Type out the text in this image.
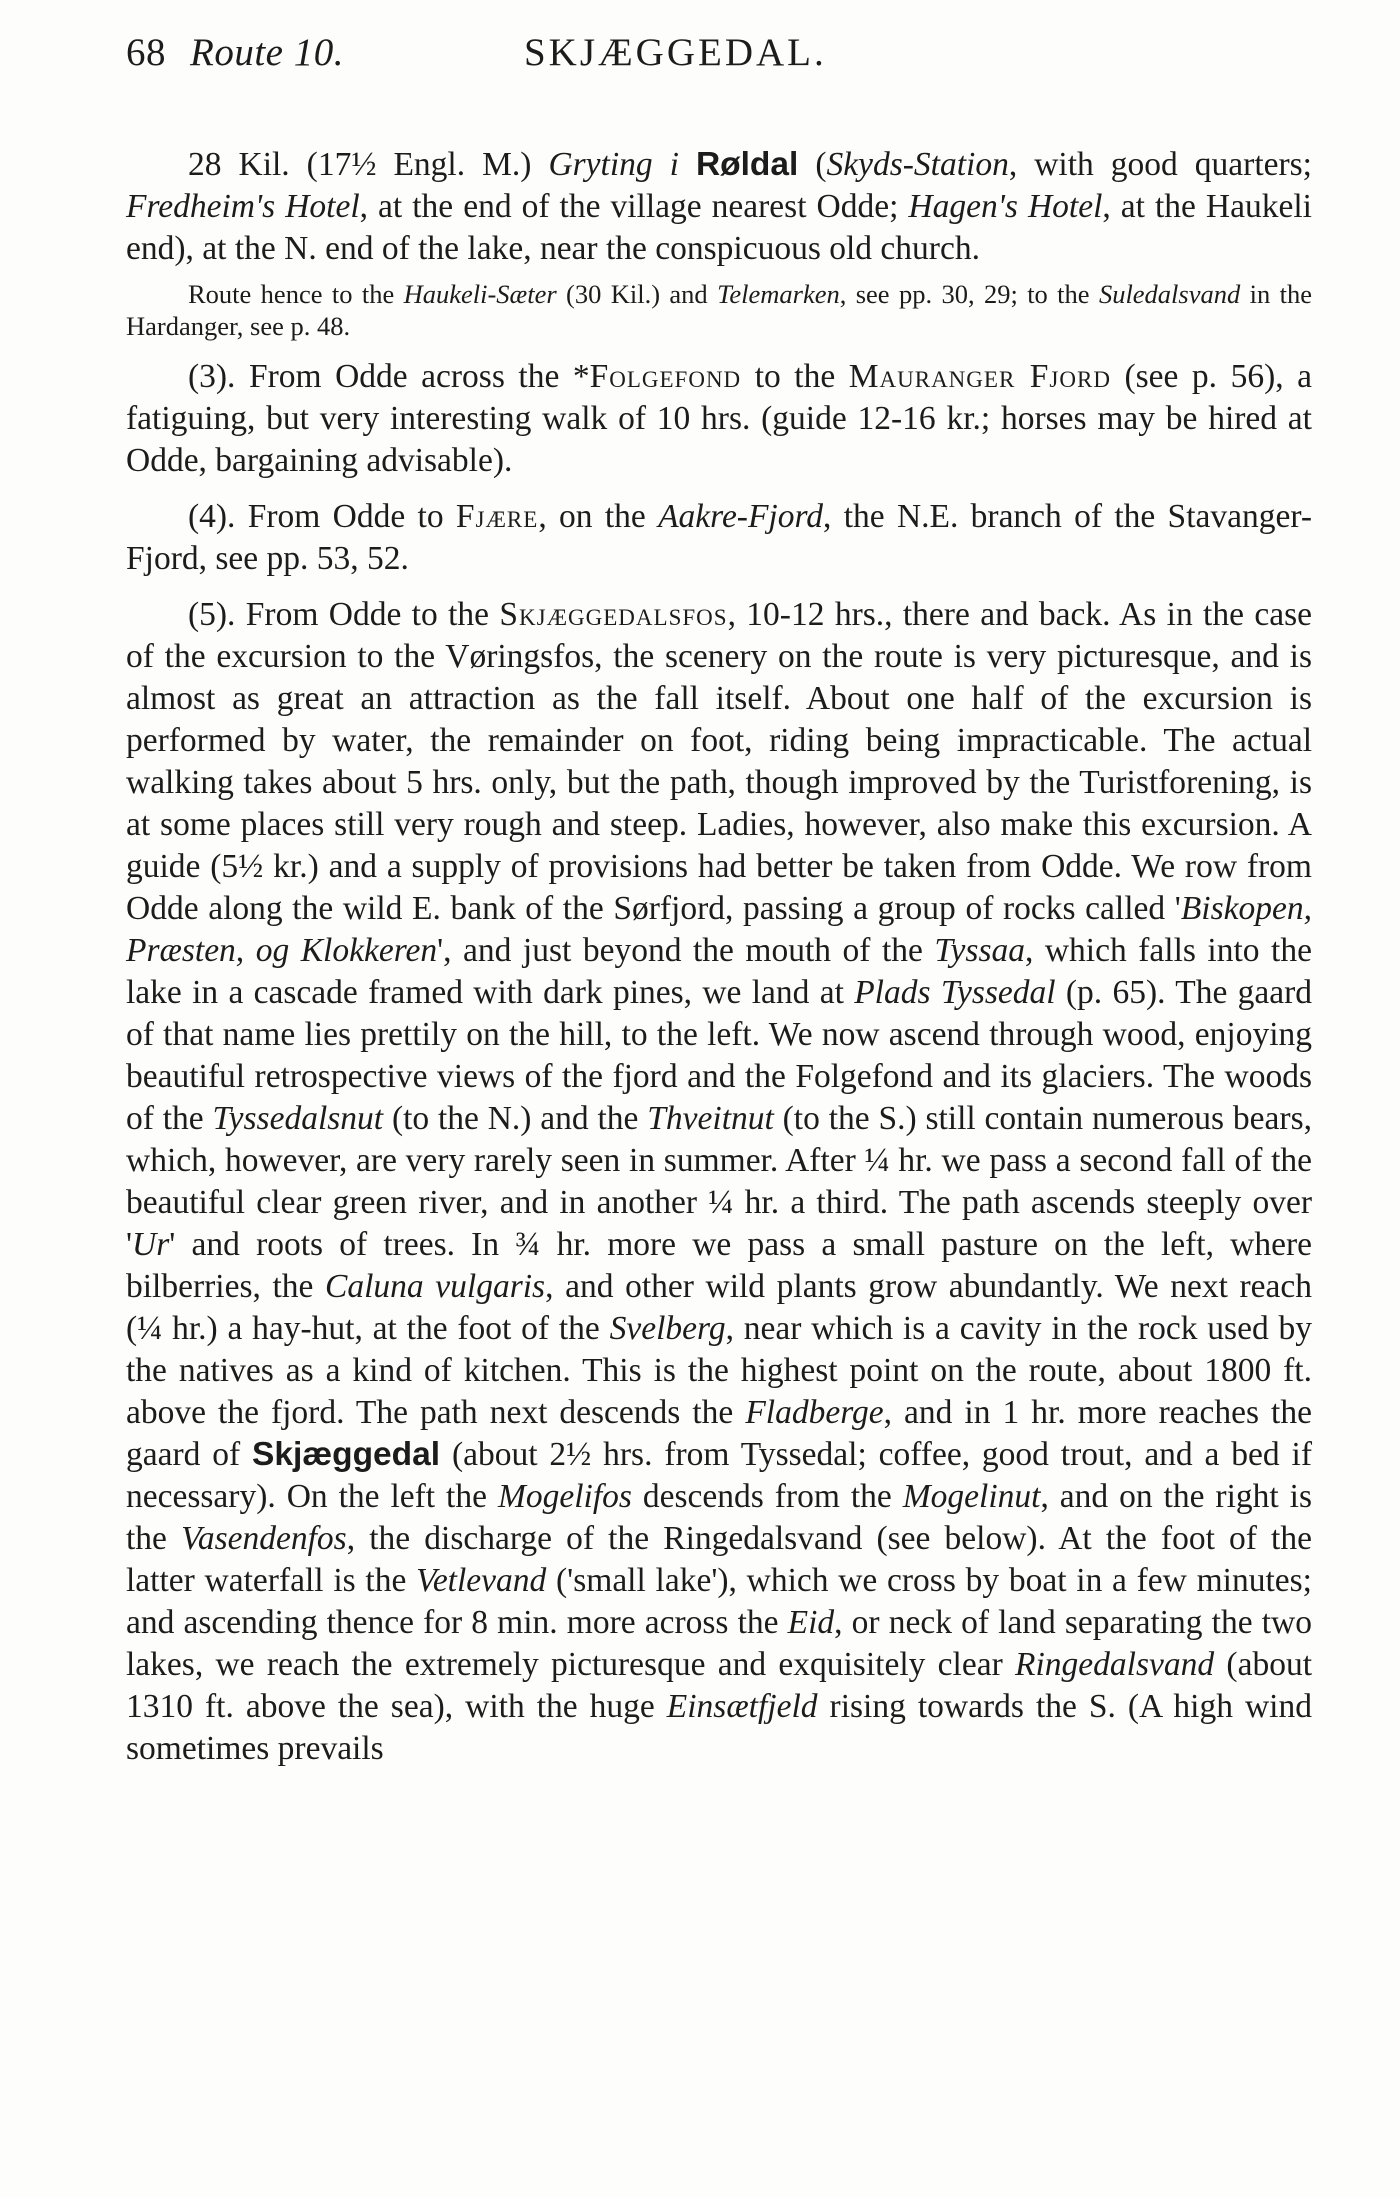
68 Route 10.	SKJÆGGEDAL.

28 Kil. (17½ Engl. M.) Gryting i Røldal (Skyds-Station, with good quarters; Fredheim's Hotel, at the end of the village nearest Odde; Hagen's Hotel, at the Haukeli end), at the N. end of the lake, near the conspicuous old church.

Route hence to the Haukeli-Sæter (30 Kil.) and Telemarken, see pp. 30, 29; to the Suledalsvand in the Hardanger, see p. 48.

(3). From Odde across the *Folgefond to the Mauranger Fjord (see p. 56), a fatiguing, but very interesting walk of 10 hrs. (guide 12-16 kr.; horses may be hired at Odde, bargaining advisable).

(4). From Odde to Fjære, on the Aakre-Fjord, the N.E. branch of the Stavanger-Fjord, see pp. 53, 52.

(5). From Odde to the Skjæggedalsfos, 10-12 hrs., there and back. As in the case of the excursion to the Vøringsfos, the scenery on the route is very picturesque, and is almost as great an attraction as the fall itself. About one half of the excursion is performed by water, the remainder on foot, riding being impracticable. The actual walking takes about 5 hrs. only, but the path, though improved by the Turistforening, is at some places still very rough and steep. Ladies, however, also make this excursion. A guide (5½ kr.) and a supply of provisions had better be taken from Odde. We row from Odde along the wild E. bank of the Sørfjord, passing a group of rocks called 'Biskopen, Præsten, og Klokkeren', and just beyond the mouth of the Tyssaa, which falls into the lake in a cascade framed with dark pines, we land at Plads Tyssedal (p. 65). The gaard of that name lies prettily on the hill, to the left. We now ascend through wood, enjoying beautiful retrospective views of the fjord and the Folgefond and its glaciers. The woods of the Tyssedalsnut (to the N.) and the Thveitnut (to the S.) still contain numerous bears, which, however, are very rarely seen in summer. After ¼ hr. we pass a second fall of the beautiful clear green river, and in another ¼ hr. a third. The path ascends steeply over 'Ur' and roots of trees. In ¾ hr. more we pass a small pasture on the left, where bilberries, the Caluna vulgaris, and other wild plants grow abundantly. We next reach (¼ hr.) a hay-hut, at the foot of the Svelberg, near which is a cavity in the rock used by the natives as a kind of kitchen. This is the highest point on the route, about 1800 ft. above the fjord. The path next descends the Fladberge, and in 1 hr. more reaches the gaard of Skjæggedal (about 2½ hrs. from Tyssedal; coffee, good trout, and a bed if necessary). On the left the Mogelifos descends from the Mogelinut, and on the right is the Vasendenfos, the discharge of the Ringedalsvand (see below). At the foot of the latter waterfall is the Vetlevand ('small lake'), which we cross by boat in a few minutes; and ascending thence for 8 min. more across the Eid, or neck of land separating the two lakes, we reach the extremely picturesque and exquisitely clear Ringedalsvand (about 1310 ft. above the sea), with the huge Einsætfjeld rising towards the S. (A high wind sometimes prevails
